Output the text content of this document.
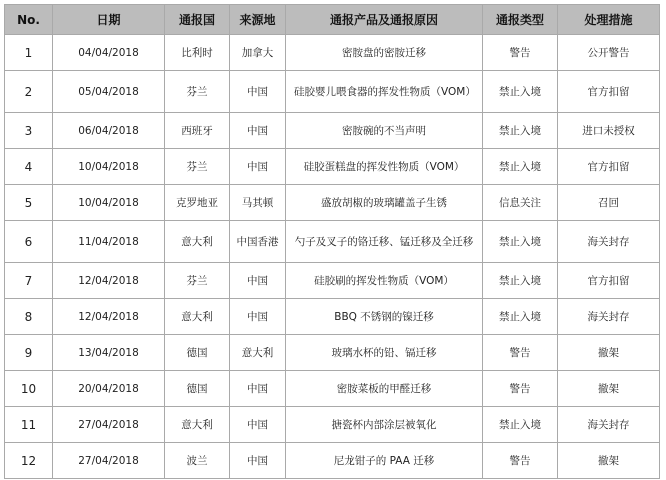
No.	日期	通报国	来源地	通报产品及通报原因	通报类型	处理措施
1	04/04/2018	比利时	加拿大	密胺盘的密胺迁移	警告	公开警告
2	05/04/2018	芬兰	中国	硅胶婴儿喂食器的挥发性物质（VOM）	禁止入境	官方扣留
3	06/04/2018	西班牙	中国	密胺碗的不当声明	禁止入境	进口未授权
4	10/04/2018	芬兰	中国	硅胶蛋糕盘的挥发性物质（VOM）	禁止入境	官方扣留
5	10/04/2018	克罗地亚	马其顿	盛放胡椒的玻璃罐盖子生锈	信息关注	召回
6	11/04/2018	意大利	中国香港	勺子及叉子的铬迁移、锰迁移及全迁移	禁止入境	海关封存
7	12/04/2018	芬兰	中国	硅胶刷的挥发性物质（VOM）	禁止入境	官方扣留
8	12/04/2018	意大利	中国	BBQ 不锈钢的镍迁移	禁止入境	海关封存
9	13/04/2018	德国	意大利	玻璃水杯的铅、镉迁移	警告	撤架
10	20/04/2018	德国	中国	密胺菜板的甲醛迁移	警告	撤架
11	27/04/2018	意大利	中国	搪瓷杯内部涂层被氧化	禁止入境	海关封存
12	27/04/2018	波兰	中国	尼龙钳子的 PAA 迁移	警告	撤架
